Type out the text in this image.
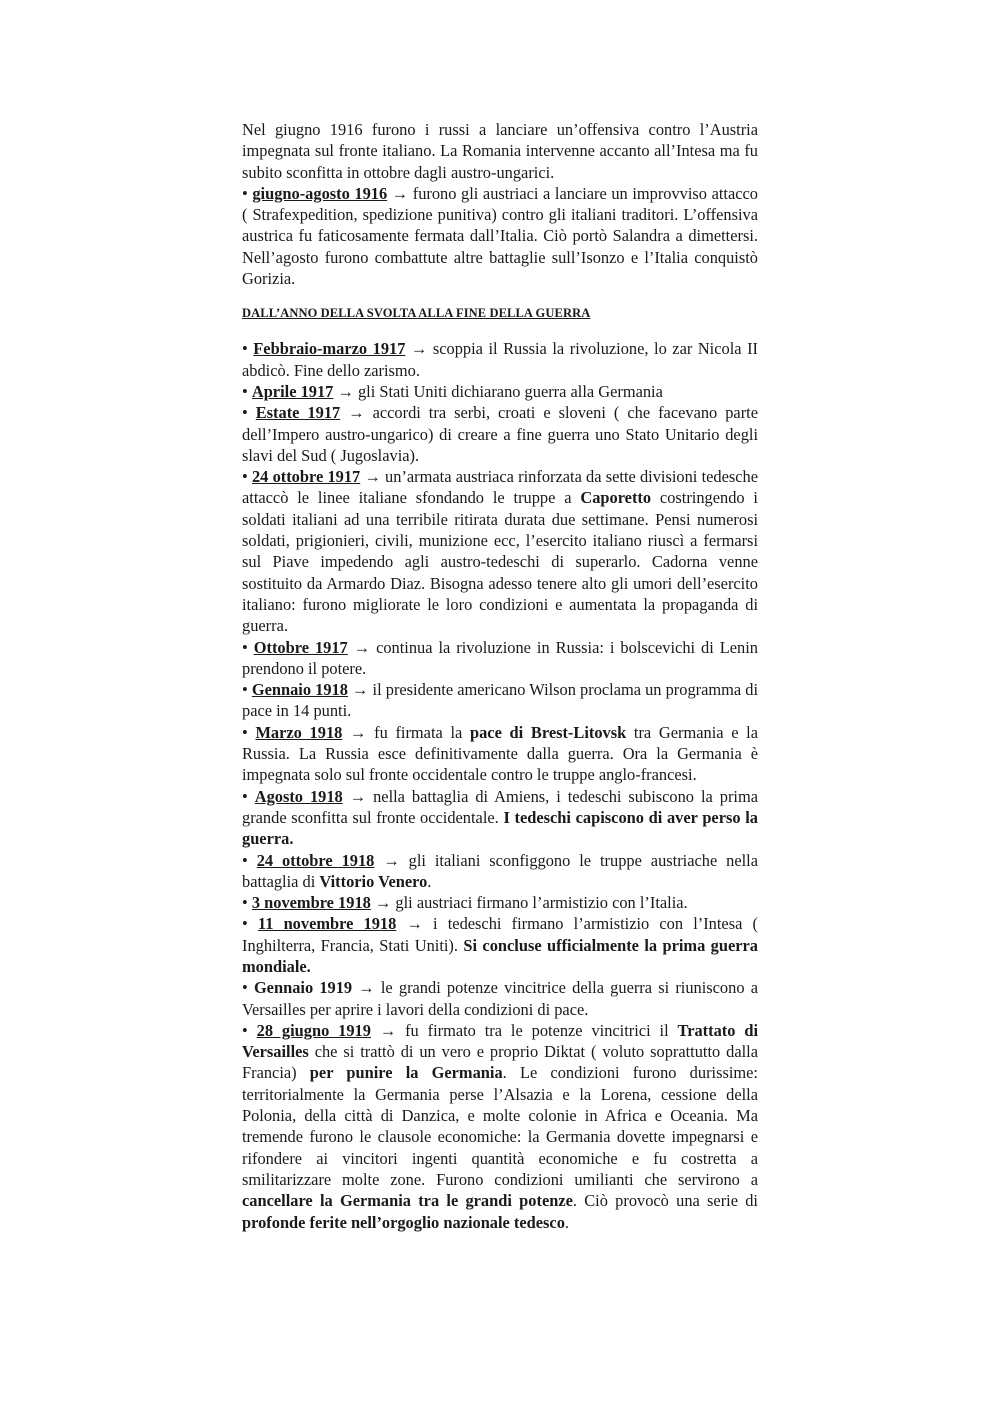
Nel giugno 1916 furono i russi a lanciare un’offensiva contro l’Austria impegnata sul fronte italiano. La Romania intervenne accanto all’Intesa ma fu subito sconfitta in ottobre dagli austro-ungarici.

• giugno-agosto 1916 → furono gli austriaci a lanciare un improvviso attacco ( Strafexpedition, spedizione punitiva) contro gli italiani traditori. L’offensiva austrica fu faticosamente fermata dall’Italia. Ciò portò Salandra a dimettersi. Nell’agosto furono combattute altre battaglie sull’Isonzo e l’Italia conquistò Gorizia.

DALL’ANNO DELLA SVOLTA ALLA FINE DELLA GUERRA

• Febbraio-marzo 1917 → scoppia il Russia la rivoluzione, lo zar Nicola II abdicò. Fine dello zarismo.

• Aprile 1917 → gli Stati Uniti dichiarano guerra alla Germania

• Estate 1917 → accordi tra serbi, croati e sloveni ( che facevano parte dell’Impero austro-ungarico) di creare a fine guerra uno Stato Unitario degli slavi del Sud ( Jugoslavia).

• 24 ottobre 1917 → un’armata austriaca rinforzata da sette divisioni tedesche attaccò le linee italiane sfondando le truppe a Caporetto costringendo i soldati italiani ad una terribile ritirata durata due settimane. Pensi numerosi soldati, prigionieri, civili, munizione ecc, l’esercito italiano riuscì a fermarsi sul Piave impedendo agli austro-tedeschi di superarlo. Cadorna venne sostituito da Armardo Diaz. Bisogna adesso tenere alto gli umori dell’esercito italiano: furono migliorate le loro condizioni e aumentata la propaganda di guerra.

• Ottobre 1917 → continua la rivoluzione in Russia: i bolscevichi di Lenin prendono il potere.

• Gennaio 1918 → il presidente americano Wilson proclama un programma di pace in 14 punti.

• Marzo 1918 → fu firmata la pace di Brest-Litovsk tra Germania e la Russia. La Russia esce definitivamente dalla guerra. Ora la Germania è impegnata solo sul fronte occidentale contro le truppe anglo-francesi.

• Agosto 1918 → nella battaglia di Amiens, i tedeschi subiscono la prima grande sconfitta sul fronte occidentale. I tedeschi capiscono di aver perso la guerra.

• 24 ottobre 1918 → gli italiani sconfiggono le truppe austriache nella battaglia di Vittorio Venero.

• 3 novembre 1918 → gli austriaci firmano l’armistizio con l’Italia.

• 11 novembre 1918 → i tedeschi firmano l’armistizio con l’Intesa ( Inghilterra, Francia, Stati Uniti). Si concluse ufficialmente la prima guerra mondiale.

• Gennaio 1919 → le grandi potenze vincitrice della guerra si riuniscono a Versailles per aprire i lavori della condizioni di pace.

• 28 giugno 1919 → fu firmato tra le potenze vincitrici il Trattato di Versailles che si trattò di un vero e proprio Diktat ( voluto soprattutto dalla Francia) per punire la Germania. Le condizioni furono durissime: territorialmente la Germania perse l’Alsazia e la Lorena, cessione della Polonia, della città di Danzica, e molte colonie in Africa e Oceania. Ma tremende furono le clausole economiche: la Germania dovette impegnarsi e rifondere ai vincitori ingenti quantità economiche e fu costretta a smilitarizzare molte zone. Furono condizioni umilianti che servirono a cancellare la Germania tra le grandi potenze. Ciò provocò una serie di profonde ferite nell’orgoglio nazionale tedesco.
